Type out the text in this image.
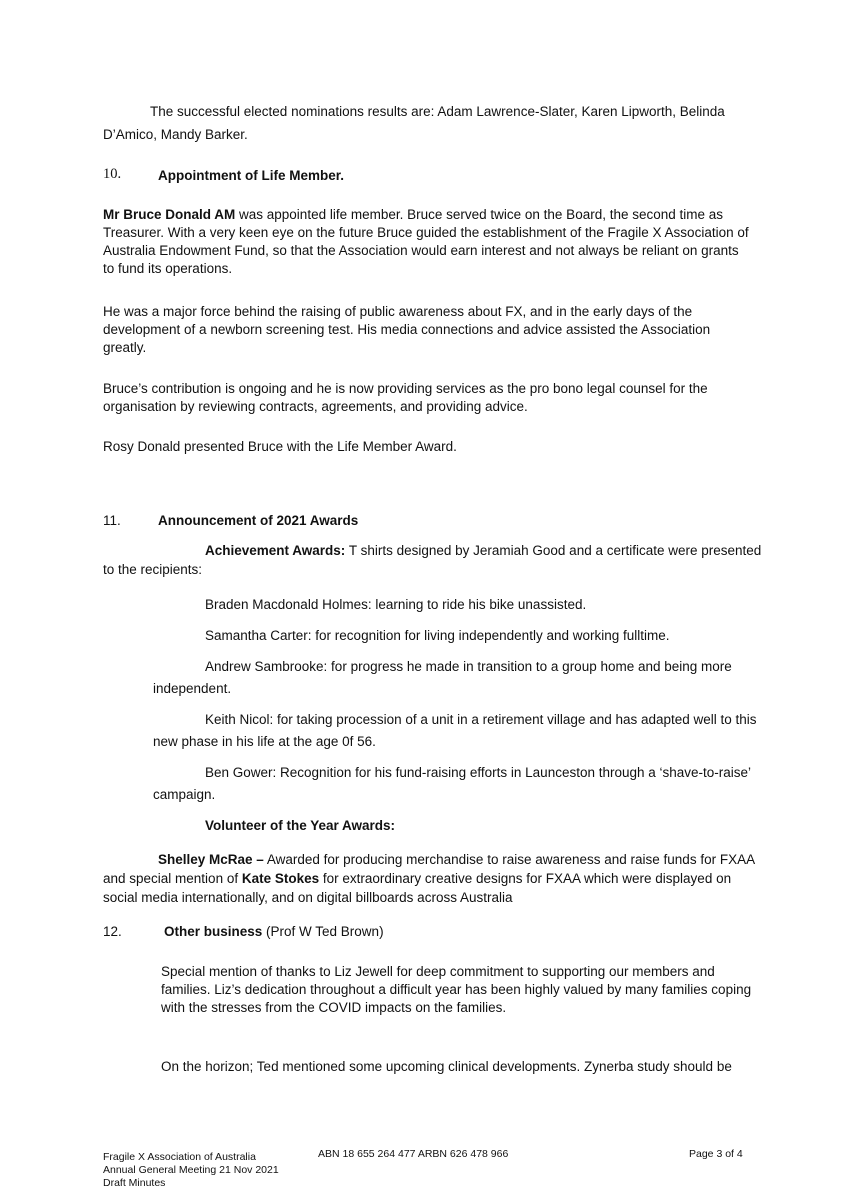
The successful elected nominations results are: Adam Lawrence-Slater, Karen Lipworth, Belinda
D’Amico, Mandy Barker.
10.	Appointment of Life Member.
Mr Bruce Donald AM was appointed life member. Bruce served twice on the Board, the second time as
Treasurer. With a very keen eye on the future Bruce guided the establishment of the Fragile X Association of
Australia Endowment Fund, so that the Association would earn interest and not always be reliant on grants
to fund its operations.
He was a major force behind the raising of public awareness about FX, and in the early days of the
development of a newborn screening test. His media connections and advice assisted the Association
greatly.
Bruce’s contribution is ongoing and he is now providing services as the pro bono legal counsel for the
organisation by reviewing contracts, agreements, and providing advice.
Rosy Donald presented Bruce with the Life Member Award.
11.	Announcement of 2021 Awards
Achievement Awards: T shirts designed by Jeramiah Good and a certificate were presented
to the recipients:
Braden Macdonald Holmes: learning to ride his bike unassisted.
Samantha Carter: for recognition for living independently and working fulltime.
Andrew Sambrooke: for progress he made in transition to a group home and being more
independent.
Keith Nicol: for taking procession of a unit in a retirement village and has adapted well to this
new phase in his life at the age 0f 56.
Ben Gower: Recognition for his fund-raising efforts in Launceston through a ‘shave-to-raise’
campaign.
Volunteer of the Year Awards:
Shelley McRae – Awarded for producing merchandise to raise awareness and raise funds for FXAA
and special mention of Kate Stokes for extraordinary creative designs for FXAA which were displayed on
social media internationally, and on digital billboards across Australia
12.	Other business (Prof W Ted Brown)
Special mention of thanks to Liz Jewell for deep commitment to supporting our members and
families. Liz’s dedication throughout a difficult year has been highly valued by many families coping
with the stresses from the COVID impacts on the families.
On the horizon; Ted mentioned some upcoming clinical developments. Zynerba study should be
Fragile X Association of Australia
Annual General Meeting 21 Nov 2021
Draft Minutes
ABN 18 655 264 477 ARBN 626 478 966	Page 3 of 4
